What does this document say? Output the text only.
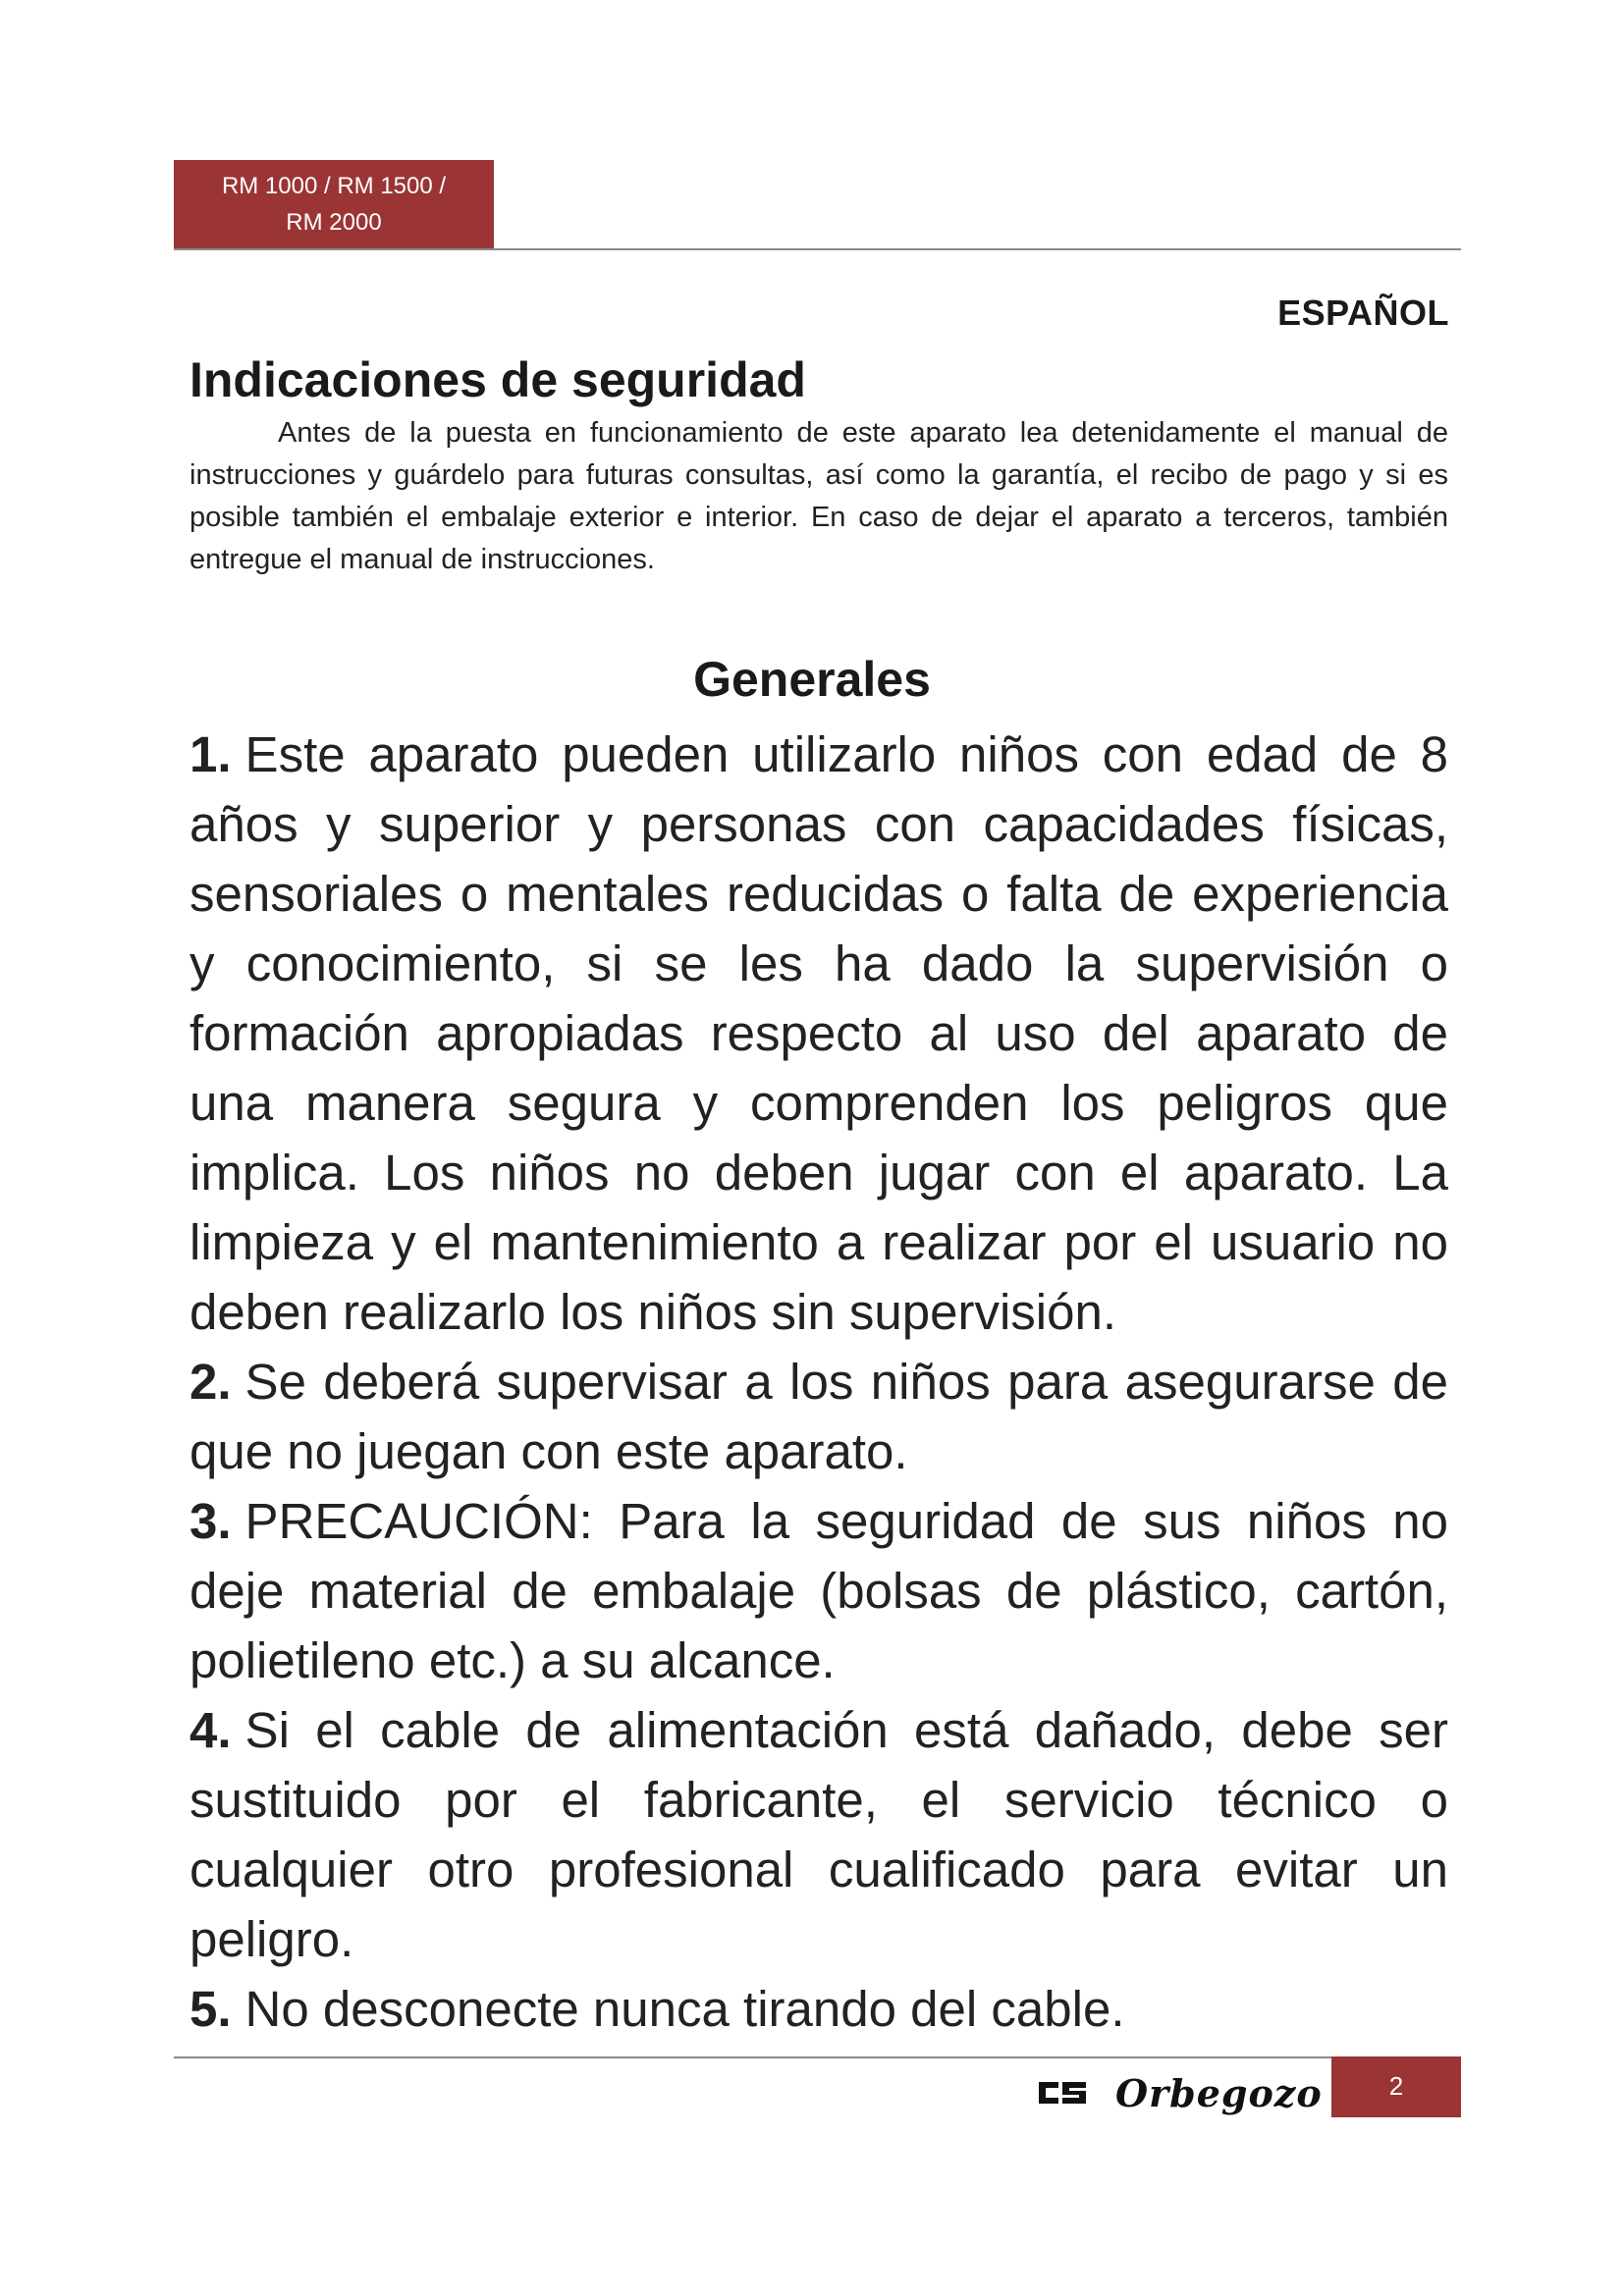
RM 1000 / RM 1500 /
RM 2000
ESPAÑOL
Indicaciones de seguridad

Antes de la puesta en funcionamiento de este aparato lea detenidamente el manual de instrucciones y guárdelo para futuras consultas, así como la garantía, el recibo de pago y si es posible también el embalaje exterior e interior. En caso de dejar el aparato a terceros, también entregue el manual de instrucciones.

Generales

1. Este aparato pueden utilizarlo niños con edad de 8 años y superior y personas con capacidades físicas, sensoriales o mentales reducidas o falta de experiencia y conocimiento, si se les ha dado la supervisión o formación apropiadas respecto al uso del aparato de una manera segura y comprenden los peligros que implica. Los niños no deben jugar con el aparato. La limpieza y el mantenimiento a realizar por el usuario no deben realizarlo los niños sin supervisión.

2. Se deberá supervisar a los niños para asegurarse de que no juegan con este aparato.

3. PRECAUCIÓN: Para la seguridad de sus niños no deje material de embalaje (bolsas de plástico, cartón, polietileno etc.) a su alcance.

4. Si el cable de alimentación está dañado, debe ser sustituido por el fabricante, el servicio técnico o cualquier otro profesional cualificado para evitar un peligro.

5. No desconecte nunca tirando del cable.

Orbegozo	2
